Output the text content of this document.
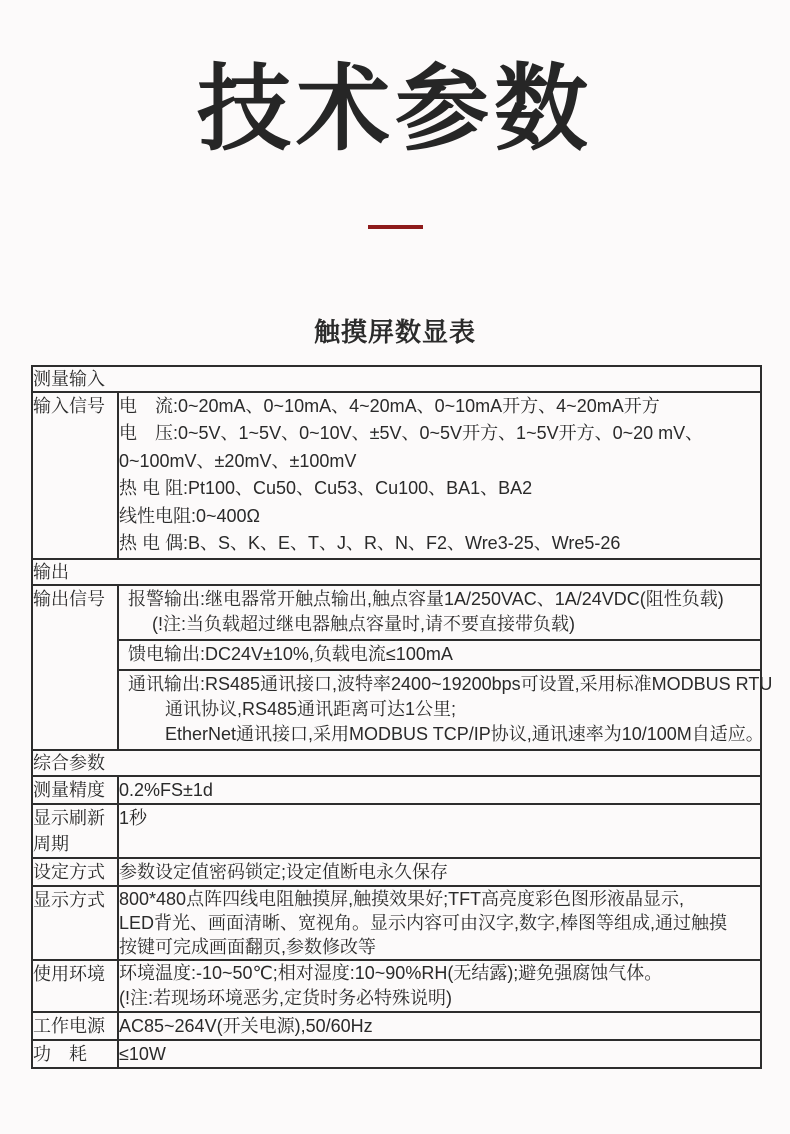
技术参数
触摸屏数显表
测量输入	
输入信号	电　流:0~20mA、0~10mA、4~20mA、0~10mA开方、4~20mA开方
电　压:0~5V、1~5V、0~10V、±5V、0~5V开方、1~5V开方、0~20 mV、
0~100mV、±20mV、±100mV
热 电 阻:Pt100、Cu50、Cu53、Cu100、BA1、BA2
线性电阻:0~400Ω
热 电 偶:B、S、K、E、T、J、R、N、F2、Wre3-25、Wre5-26

输出	
输出信号	报警输出:继电器常开触点输出,触点容量1A/250VAC、1A/24VDC(阻性负载)
(!注:当负载超过继电器触点容量时,请不要直接带负载)
馈电输出:DC24V±10%,负载电流≤100mA
通讯输出:RS485通讯接口,波特率2400~19200bps可设置,采用标准MODBUS RTU
通讯协议,RS485通讯距离可达1公里;
EtherNet通讯接口,采用MODBUS TCP/IP协议,通讯速率为10/100M自适应。

综合参数	
测量精度	0.2%FS±1d

显示刷新
周期	1秒

设定方式	参数设定值密码锁定;设定值断电永久保存

显示方式	800*480点阵四线电阻触摸屏,触摸效果好;TFT高亮度彩色图形液晶显示,
LED背光、画面清晰、宽视角。显示内容可由汉字,数字,棒图等组成,通过触摸
按键可完成画面翻页,参数修改等

使用环境	环境温度:-10~50℃;相对湿度:10~90%RH(无结露);避免强腐蚀气体。
(!注:若现场环境恶劣,定货时务必特殊说明)

工作电源	AC85~264V(开关电源),50/60Hz

功　耗	≤10W
